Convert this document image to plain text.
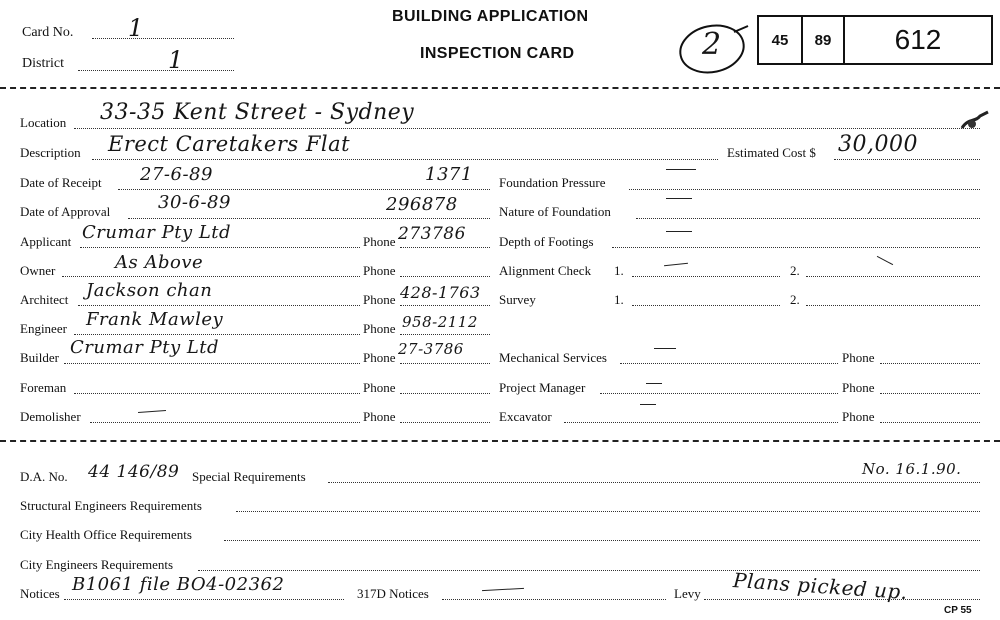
Card No. 1
District	1
BUILDING APPLICATION
INSPECTION CARD	2	45	89	612
Location 33-35 Kent Street - Sydney
Description Erect Caretakers Flat	Estimated Cost $ 30,000
Date of Receipt 27-6-89	1371
Date of Approval	30-6-89	296878
Applicant Crumar Pty Ltd	Phone 273786
Owner	As Above	Phone
Architect Jackson chan	Phone 428-1763
Engineer Frank Mawley	Phone 958-2112
Builder Crumar Pty Ltd	Phone 27-3786
Foreman	Phone
Demolisher	Phone
Foundation Pressure
Nature of Foundation
Depth of Footings
Alignment Check 1.	2.
Survey	1.	2.
Mechanical Services	Phone
Project Manager	Phone
Excavator	Phone
D.A. No. 44 146/89 Special Requirements	No. 16.1.90.
Structural Engineers Requirements
City Health Office Requirements
City Engineers Requirements
Notices B1061 file BO4-02362	317D Notices	Levy Plans picked up.
CP 55
